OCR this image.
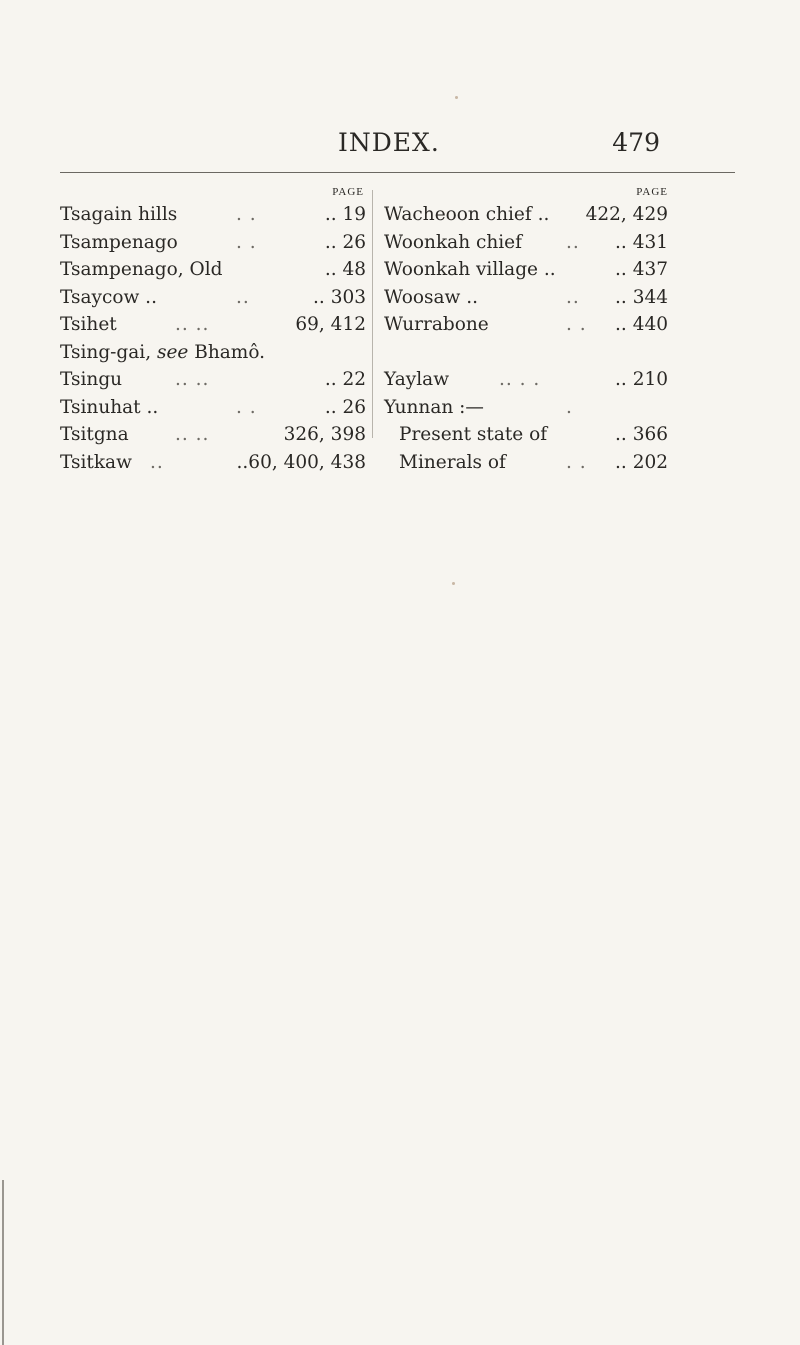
INDEX.	479
PAGE
Tsagain hills	. .	.. 19
Tsampenago	. .	.. 26
Tsampenago, Old	.. 48
Tsaycow ..	..	.. 303
Tsihet	.. ..	69, 412
Tsing-gai, see Bhamô.
Tsingu	.. ..	.. 22
Tsinuhat ..	. .	.. 26
Tsitgna	.. ..	326, 398
Tsitkaw ..	..60, 400, 438
PAGE
Wacheoon chief .. 422, 429
Woonkah chief .. .. 431
Woonkah village ..	.. 437
Woosaw ..	.. .. 344
Wurrabone	. . .. 440
Yaylaw	.. . .	.. 210
Yunnan :—	.
Present state of	.. 366
Minerals of	. . .. 202
